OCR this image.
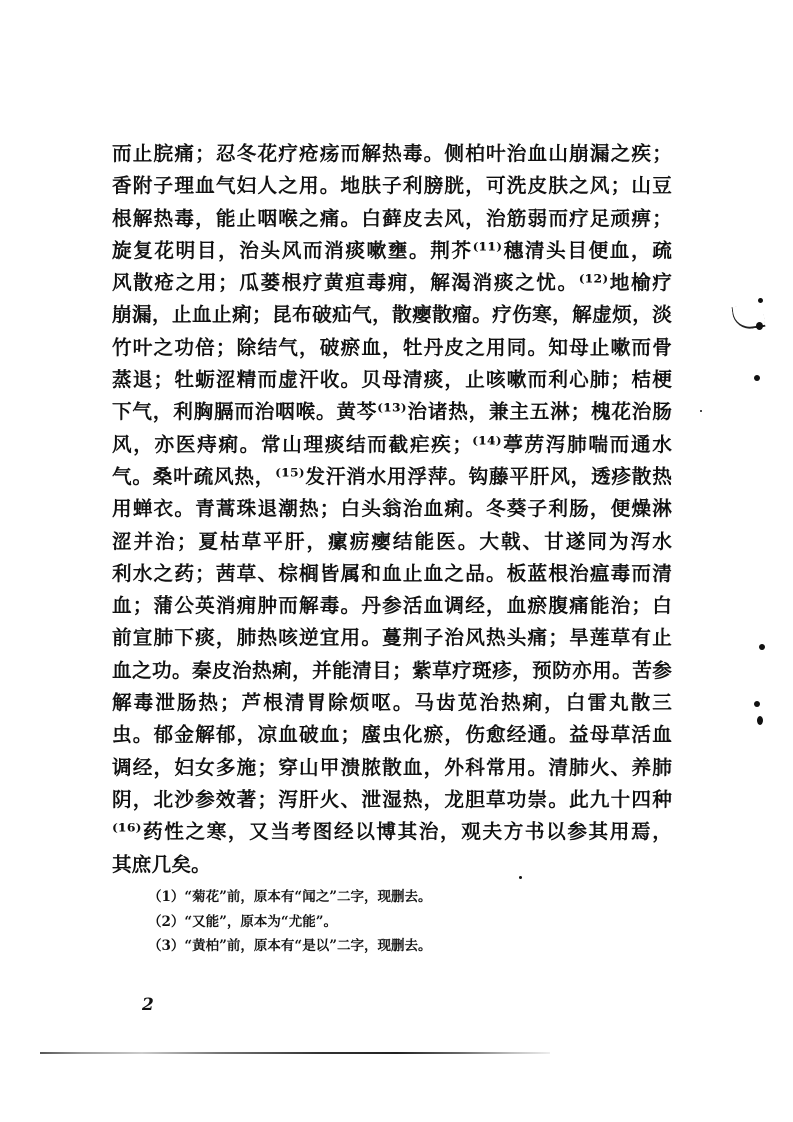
而止脘痛；忍冬花疗疮疡而解热毒。侧柏叶治血山崩漏之疾；
香附子理血气妇人之用。地肤子利膀胱，可洗皮肤之风；山豆
根解热毒，能止咽喉之痛。白藓皮去风，治筋弱而疗足顽痹；
旋复花明目，治头风而消痰嗽壅。荆芥⁽¹¹⁾穗清头目便血，疏
风散疮之用；瓜蒌根疗黄疸毒痈，解渴消痰之忧。⁽¹²⁾地榆疗
崩漏，止血止痢；昆布破疝气，散瘿散瘤。疗伤寒，解虚烦，淡
竹叶之功倍；除结气，破瘀血，牡丹皮之用同。知母止嗽而骨
蒸退；牡蛎涩精而虚汗收。贝母清痰，止咳嗽而利心肺；桔梗
下气，利胸膈而治咽喉。黄芩⁽¹³⁾治诸热，兼主五淋；槐花治肠
风，亦医痔痢。常山理痰结而截疟疾；⁽¹⁴⁾葶苈泻肺喘而通水
气。桑叶疏风热，⁽¹⁵⁾发汗消水用浮萍。钩藤平肝风，透疹散热
用蝉衣。青蒿珠退潮热；白头翁治血痢。冬葵子利肠，便燥淋
涩并治；夏枯草平肝，瘰疬瘿结能医。大戟、甘遂同为泻水
利水之药；茜草、棕榈皆属和血止血之品。板蓝根治瘟毒而清
血；蒲公英消痈肿而解毒。丹参活血调经，血瘀腹痛能治；白
前宣肺下痰，肺热咳逆宜用。蔓荆子治风热头痛；旱莲草有止
血之功。秦皮治热痢，并能清目；紫草疗斑疹，预防亦用。苦参
解毒泄肠热；芦根清胃除烦呕。马齿苋治热痢，白雷丸散三
虫。郁金解郁，凉血破血；䗪虫化瘀，伤愈经通。益母草活血
调经，妇女多施；穿山甲溃脓散血，外科常用。清肺火、养肺
阴，北沙参效著；泻肝火、泄湿热，龙胆草功崇。此九十四种
⁽¹⁶⁾药性之寒，又当考图经以博其治，观夫方书以参其用焉，
其庶几矣。
（1）“菊花”前，原本有“闻之”二字，现删去。
（2）“又能”，原本为“尤能”。
（3）“黄柏”前，原本有“是以”二字，现删去。
2
